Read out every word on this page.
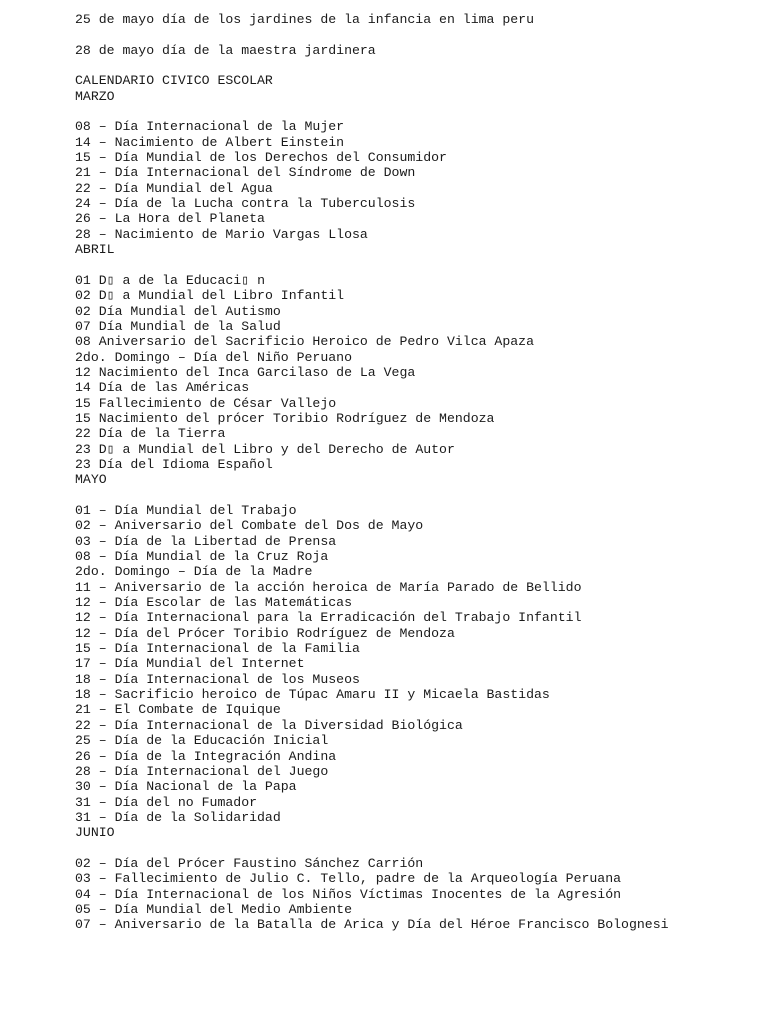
25 de mayo día de los jardines de la infancia en lima peru
28 de mayo día de la maestra jardinera
CALENDARIO CIVICO ESCOLAR
MARZO
08 – Día Internacional de la Mujer
14 – Nacimiento de Albert Einstein
15 – Día Mundial de los Derechos del Consumidor
21 – Día Internacional del Síndrome de Down
22 – Día Mundial del Agua
24 – Día de la Lucha contra la Tuberculosis
26 – La Hora del Planeta
28 – Nacimiento de Mario Vargas Llosa
ABRIL
01 D▯ a de la Educaci▯ n
02 D▯ a Mundial del Libro Infantil
02 Día Mundial del Autismo
07 Día Mundial de la Salud
08 Aniversario del Sacrificio Heroico de Pedro Vilca Apaza
2do. Domingo – Día del Niño Peruano
12 Nacimiento del Inca Garcilaso de La Vega
14 Día de las Américas
15 Fallecimiento de César Vallejo
15 Nacimiento del prócer Toribio Rodríguez de Mendoza
22 Día de la Tierra
23 D▯ a Mundial del Libro y del Derecho de Autor
23 Día del Idioma Español
MAYO
01 – Día Mundial del Trabajo
02 – Aniversario del Combate del Dos de Mayo
03 – Día de la Libertad de Prensa
08 – Día Mundial de la Cruz Roja
2do. Domingo – Día de la Madre
11 – Aniversario de la acción heroica de María Parado de Bellido
12 – Día Escolar de las Matemáticas
12 – Día Internacional para la Erradicación del Trabajo Infantil
12 – Día del Prócer Toribio Rodríguez de Mendoza
15 – Día Internacional de la Familia
17 – Día Mundial del Internet
18 – Día Internacional de los Museos
18 – Sacrificio heroico de Túpac Amaru II y Micaela Bastidas
21 – El Combate de Iquique
22 – Día Internacional de la Diversidad Biológica
25 – Día de la Educación Inicial
26 – Día de la Integración Andina
28 – Día Internacional del Juego
30 – Día Nacional de la Papa
31 – Día del no Fumador
31 – Día de la Solidaridad
JUNIO
02 – Día del Prócer Faustino Sánchez Carrión
03 – Fallecimiento de Julio C. Tello, padre de la Arqueología Peruana
04 – Día Internacional de los Niños Víctimas Inocentes de la Agresión
05 – Día Mundial del Medio Ambiente
07 – Aniversario de la Batalla de Arica y Día del Héroe Francisco Bolognesi
